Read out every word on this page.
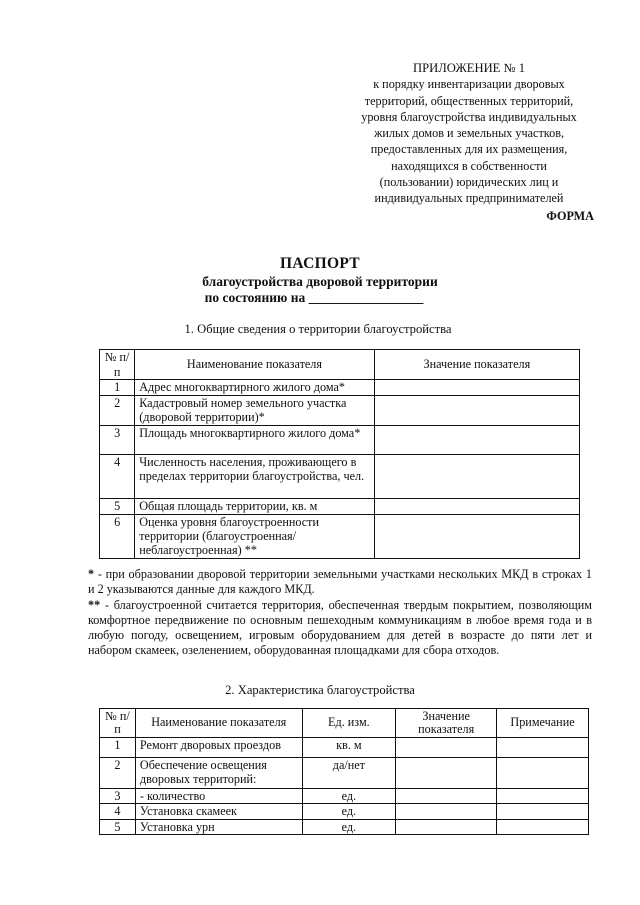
ПРИЛОЖЕНИЕ № 1
к порядку инвентаризации дворовых
территорий, общественных территорий,
уровня благоустройства индивидуальных
жилых домов и земельных участков,
предоставленных для их размещения,
находящихся в собственности
(пользовании) юридических лиц и
индивидуальных предпринимателей
ФОРМА
ПАСПОРТ
благоустройства дворовой территории
по состоянию на _________________
1. Общие сведения о территории благоустройства
№ п/п	Наименование показателя	Значение показателя
1	Адрес многоквартирного жилого дома*	
2	Кадастровый номер земельного участка (дворовой территории)*	
3	Площадь многоквартирного жилого дома*	
4	Численность населения, проживающего в пределах территории благоустройства, чел.	
5	Общая площадь территории, кв. м	
6	Оценка уровня благоустроенности территории (благоустроенная/ неблагоустроенная) **	

* - при образовании дворовой территории земельными участками нескольких МКД в строках 1 и 2 указываются данные для каждого МКД.

** - благоустроенной считается территория, обеспеченная твердым покрытием, позволяющим комфортное передвижение по основным пешеходным коммуникациям в любое время года и в любую погоду, освещением, игровым оборудованием для детей в возрасте до пяти лет и набором скамеек, озеленением, оборудованная площадками для сбора отходов.

2. Характеристика благоустройства
№ п/п	Наименование показателя	Ед. изм.	Значение показателя	Примечание
1	Ремонт дворовых проездов	кв. м		
2	Обеспечение освещения дворовых территорий:	да/нет		
3	- количество	ед.		
4	Установка скамеек	ед.		
5	Установка урн	ед.		
